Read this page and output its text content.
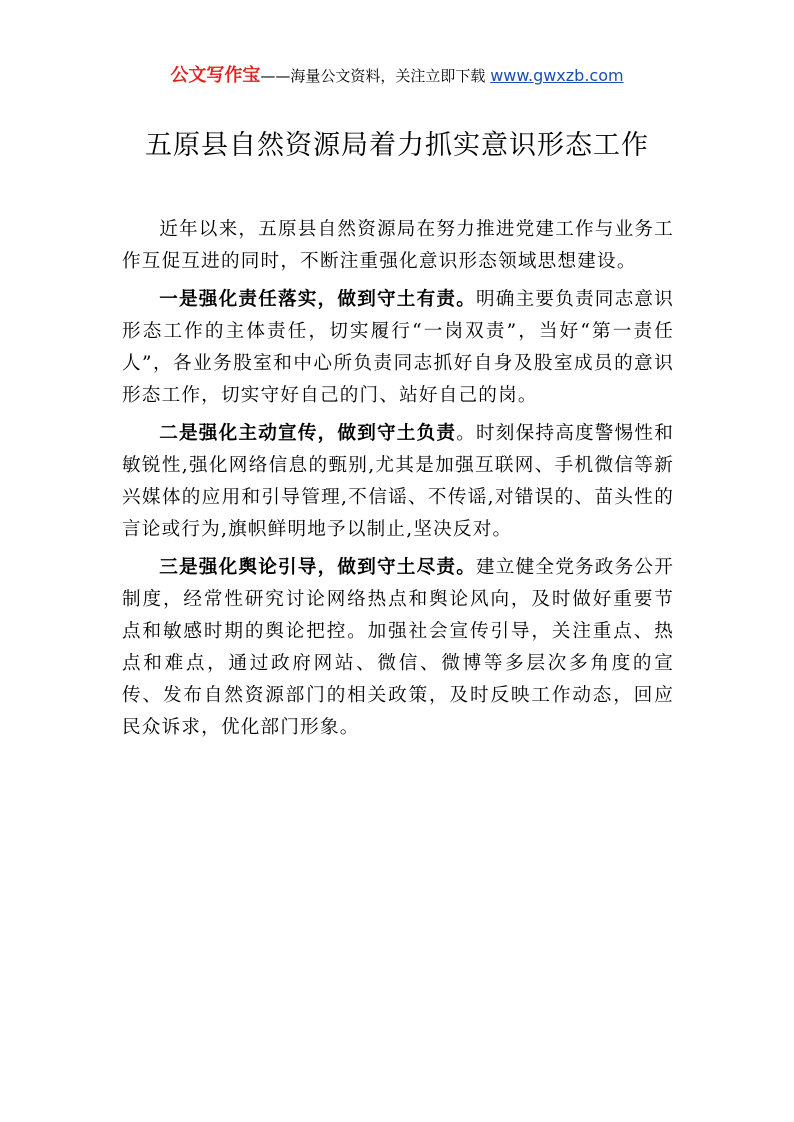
公文写作宝——海量公文资料，关注立即下载 www.gwxzb.com
五原县自然资源局着力抓实意识形态工作

近年以来，五原县自然资源局在努力推进党建工作与业务工作互促互进的同时，不断注重强化意识形态领域思想建设。

一是强化责任落实，做到守土有责。明确主要负责同志意识形态工作的主体责任，切实履行“一岗双责”，当好“第一责任人”，各业务股室和中心所负责同志抓好自身及股室成员的意识形态工作，切实守好自己的门、站好自己的岗。

二是强化主动宣传，做到守土负责。时刻保持高度警惕性和敏锐性,强化网络信息的甄别,尤其是加强互联网、手机微信等新兴媒体的应用和引导管理,不信谣、不传谣,对错误的、苗头性的言论或行为,旗帜鲜明地予以制止,坚决反对。

三是强化舆论引导，做到守土尽责。建立健全党务政务公开制度，经常性研究讨论网络热点和舆论风向，及时做好重要节点和敏感时期的舆论把控。加强社会宣传引导，关注重点、热点和难点，通过政府网站、微信、微博等多层次多角度的宣传、发布自然资源部门的相关政策，及时反映工作动态，回应民众诉求，优化部门形象。
